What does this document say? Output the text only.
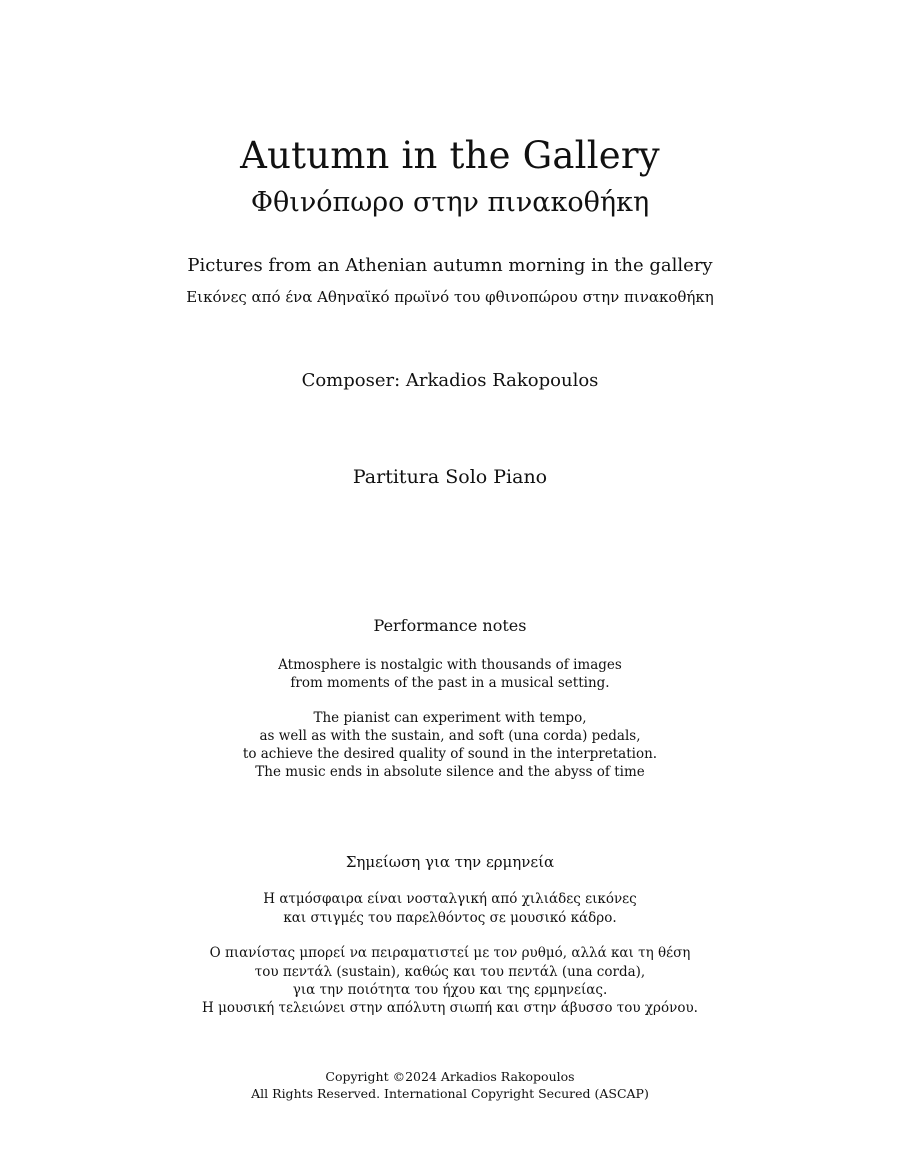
Autumn in the Gallery
Φθινόπωρο στην πινακοθήκη
Pictures from an Athenian autumn morning in the gallery
Εικόνες από ένα Αθηναϊκό πρωϊνό του φθινοπώρου στην πινακοθήκη
Composer: Arkadios Rakopoulos
Partitura Solo Piano
Performance notes
Atmosphere is nostalgic with thousands of images
from moments of the past in a musical setting.
The pianist can experiment with tempo,
as well as with the sustain, and soft (una corda) pedals,
to achieve the desired quality of sound in the interpretation.
The music ends in absolute silence and the abyss of time
Σημείωση για την ερμηνεία
Η ατμόσφαιρα είναι νοσταλγική από χιλιάδες εικόνες
και στιγμές του παρελθόντος σε μουσικό κάδρο.
Ο πιανίστας μπορεί να πειραματιστεί με τον ρυθμό, αλλά και τη θέση
του πεντάλ (sustain), καθώς και του πεντάλ (una corda),
για την ποιότητα του ήχου και της ερμηνείας.
Η μουσική τελειώνει στην απόλυτη σιωπή και στην άβυσσο του χρόνου.
Copyright ©2024 Arkadios Rakopoulos
All Rights Reserved. International Copyright Secured (ASCAP)
